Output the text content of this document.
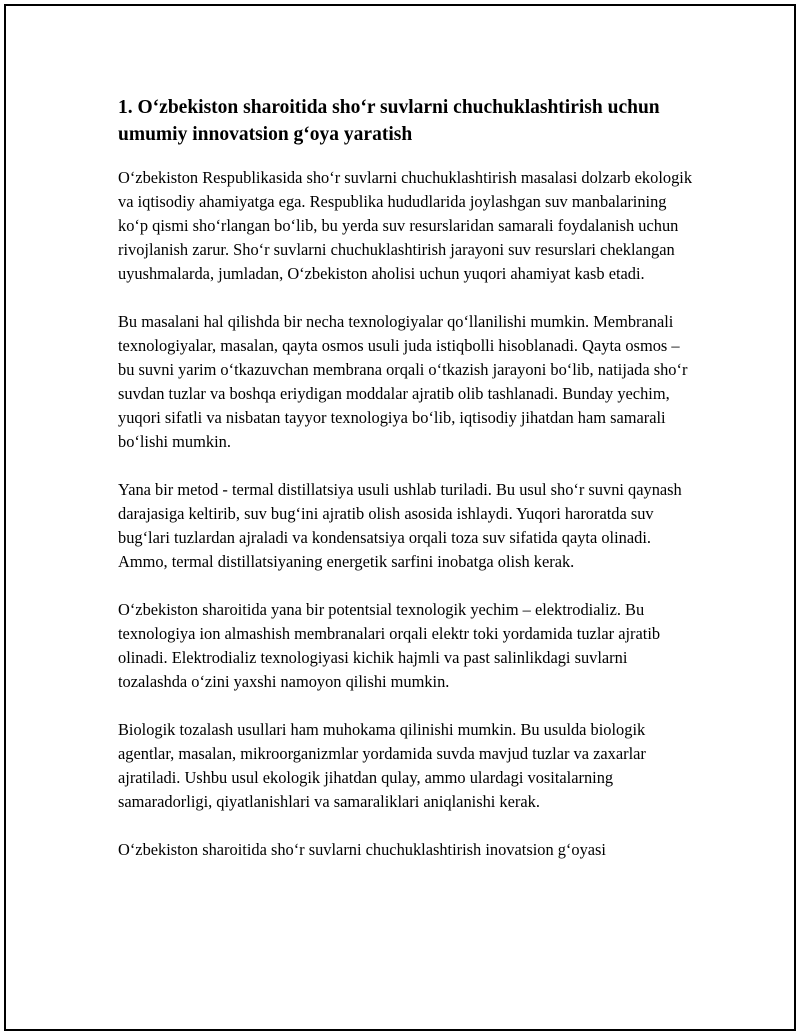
1. O‘zbekiston sharoitida sho‘r suvlarni chuchuklashtirish uchun umumiy innovatsion g‘oya yaratish

O‘zbekiston Respublikasida sho‘r suvlarni chuchuklashtirish masalasi dolzarb ekologik va iqtisodiy ahamiyatga ega. Respublika hududlarida joylashgan suv manbalarining ko‘p qismi sho‘rlangan bo‘lib, bu yerda suv resurslaridan samarali foydalanish uchun rivojlanish zarur. Sho‘r suvlarni chuchuklashtirish jarayoni suv resurslari cheklangan uyushmalarda, jumladan, O‘zbekiston aholisi uchun yuqori ahamiyat kasb etadi.

Bu masalani hal qilishda bir necha texnologiyalar qo‘llanilishi mumkin. Membranali texnologiyalar, masalan, qayta osmos usuli juda istiqbolli hisoblanadi. Qayta osmos – bu suvni yarim o‘tkazuvchan membrana orqali o‘tkazish jarayoni bo‘lib, natijada sho‘r suvdan tuzlar va boshqa eriydigan moddalar ajratib olib tashlanadi. Bunday yechim, yuqori sifatli va nisbatan tayyor texnologiya bo‘lib, iqtisodiy jihatdan ham samarali bo‘lishi mumkin.

Yana bir metod - termal distillatsiya usuli ushlab turiladi. Bu usul sho‘r suvni qaynash darajasiga keltirib, suv bug‘ini ajratib olish asosida ishlaydi. Yuqori haroratda suv bug‘lari tuzlardan ajraladi va kondensatsiya orqali toza suv sifatida qayta olinadi. Ammo, termal distillatsiyaning energetik sarfini inobatga olish kerak.

O‘zbekiston sharoitida yana bir potentsial texnologik yechim – elektrodializ. Bu texnologiya ion almashish membranalari orqali elektr toki yordamida tuzlar ajratib olinadi. Elektrodializ texnologiyasi kichik hajmli va past salinlikdagi suvlarni tozalashda o‘zini yaxshi namoyon qilishi mumkin.

Biologik tozalash usullari ham muhokama qilinishi mumkin. Bu usulda biologik agentlar, masalan, mikroorganizmlar yordamida suvda mavjud tuzlar va zaxarlar ajratiladi. Ushbu usul ekologik jihatdan qulay, ammo ulardagi vositalarning samaradorligi, qiyatlanishlari va samaraliklari aniqlanishi kerak.

O‘zbekiston sharoitida sho‘r suvlarni chuchuklashtirish inovatsion g‘oyasi
